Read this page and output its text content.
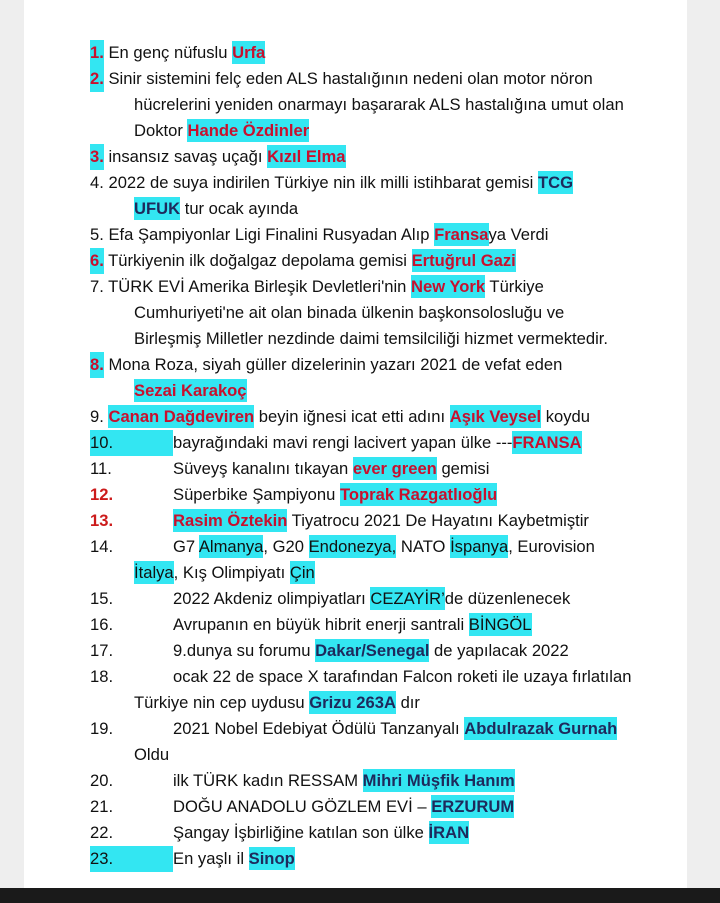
1. En genç nüfuslu Urfa
2. Sinir sistemini felç eden ALS hastalığının nedeni olan motor nöron
hücrelerini yeniden onarmayı başararak ALS hastalığına umut olan
Doktor Hande Özdinler
3. insansız savaş uçağı Kızıl Elma
4. 2022 de suya indirilen Türkiye nin ilk milli istihbarat gemisi TCG
UFUK tur ocak ayında
5. Efa Şampiyonlar Ligi Finalini Rusyadan Alıp Fransaya Verdi
6. Türkiyenin ilk doğalgaz depolama gemisi Ertuğrul Gazi
7. TÜRK EVİ Amerika Birleşik Devletleri'nin New York Türkiye
Cumhuriyeti'ne ait olan binada ülkenin başkonsolosluğu ve
Birleşmiş Milletler nezdinde daimi temsilciliği hizmet vermektedir.
8. Mona Roza, siyah güller dizelerinin yazarı 2021 de vefat eden
Sezai Karakoç
9. Canan Dağdeviren beyin iğnesi icat etti adını Aşık Veysel koydu
10.	bayrağındaki mavi rengi lacivert yapan ülke ---FRANSA
11.	Süveyş kanalını tıkayan ever green gemisi
12.	Süperbike Şampiyonu Toprak Razgatlıoğlu
13.	Rasim Öztekin Tiyatrocu 2021 De Hayatını Kaybetmiştir
14.	G7 Almanya, G20 Endonezya, NATO İspanya, Eurovision
İtalya, Kış Olimpiyatı Çin
15.	2022 Akdeniz olimpiyatları CEZAYİR’de düzenlenecek
16.	Avrupanın en büyük hibrit enerji santrali BİNGÖL
17.	9.dunya su forumu Dakar/Senegal de yapılacak 2022
18.	ocak 22 de space X tarafından Falcon roketi ile uzaya fırlatılan
Türkiye nin cep uydusu Grizu 263A dır
19.	2021 Nobel Edebiyat Ödülü Tanzanyalı Abdulrazak Gurnah
Oldu
20.	ilk TÜRK kadın RESSAM Mihri Müşfik Hanım
21.	DOĞU ANADOLU GÖZLEM EVİ – ERZURUM
22.	Şangay İşbirliğine katılan son ülke İRAN
23.	En yaşlı il Sinop
